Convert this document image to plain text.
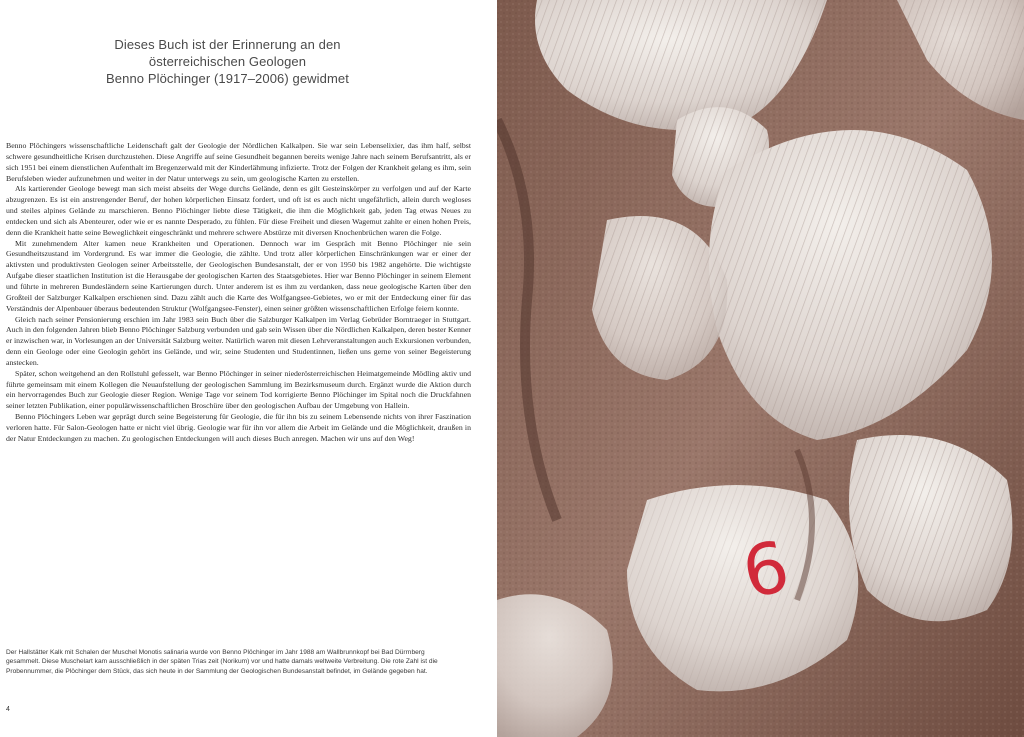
Dieses Buch ist der Erinnerung an den
österreichischen Geologen
Benno Plöchinger (1917–2006) gewidmet

Benno Plöchingers wissenschaftliche Leidenschaft galt der Geologie der Nördlichen Kalkalpen. Sie war sein Lebenselixier, das ihm half, selbst schwere gesundheitliche Krisen durchzustehen. Diese Angriffe auf seine Gesundheit begannen bereits wenige Jahre nach seinem Berufsantritt, als er sich 1951 bei einem dienstlichen Aufenthalt im Bregenzerwald mit der Kinderlähmung infizierte. Trotz der Folgen der Krankheit gelang es ihm, sein Berufsleben wieder aufzunehmen und weiter in der Natur unterwegs zu sein, um geologische Karten zu erstellen.

Als kartierender Geologe bewegt man sich meist abseits der Wege durchs Gelände, denn es gilt Gesteinskörper zu verfolgen und auf der Karte abzugrenzen. Es ist ein anstrengender Beruf, der hohen körperlichen Einsatz fordert, und oft ist es auch nicht ungefährlich, allein durch wegloses und steiles alpines Gelände zu marschieren. Benno Plöchinger liebte diese Tätigkeit, die ihm die Möglichkeit gab, jeden Tag etwas Neues zu entdecken und sich als Abenteurer, oder wie er es nannte Desperado, zu fühlen. Für diese Freiheit und diesen Wagemut zahlte er einen hohen Preis, denn die Krankheit hatte seine Beweglichkeit eingeschränkt und mehrere schwere Abstürze mit diversen Knochenbrüchen waren die Folge.

Mit zunehmendem Alter kamen neue Krankheiten und Operationen. Dennoch war im Gespräch mit Benno Plöchinger nie sein Gesundheitszustand im Vordergrund. Es war immer die Geologie, die zählte. Und trotz aller körperlichen Einschränkungen war er einer der aktivsten und produktivsten Geologen seiner Arbeitsstelle, der Geologischen Bundesanstalt, der er von 1950 bis 1982 angehörte. Die wichtigste Aufgabe dieser staatlichen Institution ist die Herausgabe der geologischen Karten des Staatsgebietes. Hier war Benno Plöchinger in seinem Element und führte in mehreren Bundesländern seine Kartierungen durch. Unter anderem ist es ihm zu verdanken, dass neue geologische Karten über den Großteil der Salzburger Kalkalpen erschienen sind. Dazu zählt auch die Karte des Wolfgangsee-Gebietes, wo er mit der Entdeckung einer für das Verständnis der Alpenbauer überaus bedeutenden Struktur (Wolfgangsee-Fenster), einen seiner größten wissenschaftlichen Erfolge feiern konnte.

Gleich nach seiner Pensionierung erschien im Jahr 1983 sein Buch über die Salzburger Kalkalpen im Verlag Gebrüder Borntraeger in Stuttgart. Auch in den folgenden Jahren blieb Benno Plöchinger Salzburg verbunden und gab sein Wissen über die Nördlichen Kalkalpen, deren bester Kenner er inzwischen war, in Vorlesungen an der Universität Salzburg weiter. Natürlich waren mit diesen Lehrveranstaltungen auch Exkursionen verbunden, denn ein Geologe oder eine Geologin gehört ins Gelände, und wir, seine Studenten und Studentinnen, ließen uns gerne von seiner Begeisterung anstecken.

Später, schon weitgehend an den Rollstuhl gefesselt, war Benno Plöchinger in seiner niederösterreichischen Heimatgemeinde Mödling aktiv und führte gemeinsam mit einem Kollegen die Neuaufstellung der geologischen Sammlung im Bezirksmuseum durch. Ergänzt wurde die Aktion durch ein hervorragendes Buch zur Geologie dieser Region. Wenige Tage vor seinem Tod korrigierte Benno Plöchinger im Spital noch die Druckfahnen seiner letzten Publikation, einer populärwissenschaftlichen Broschüre über den geologischen Aufbau der Umgebung von Hallein.

Benno Plöchingers Leben war geprägt durch seine Begeisterung für Geologie, die für ihn bis zu seinem Lebensende nichts von ihrer Faszination verloren hatte. Für Salon-Geologen hatte er nicht viel übrig. Geologie war für ihn vor allem die Arbeit im Gelände und die Möglichkeit, draußen in der Natur Entdeckungen zu machen. Zu geologischen Entdeckungen will auch dieses Buch anregen. Machen wir uns auf den Weg!

Der Hallstätter Kalk mit Schalen der Muschel Monotis salinaria wurde von Benno Plöchinger im Jahr 1988 am Wallbrunnkopf bei Bad Dürrnberg gesammelt. Diese Muschelart kam ausschließlich in der späten Trias zeit (Norikum) vor und hatte damals weltweite Verbreitung. Die rote Zahl ist die Probennummer, die Plöchinger dem Stück, das sich heute in der Sammlung der Geologischen Bundesanstalt befindet, im Gelände gegeben hat.
4
6
